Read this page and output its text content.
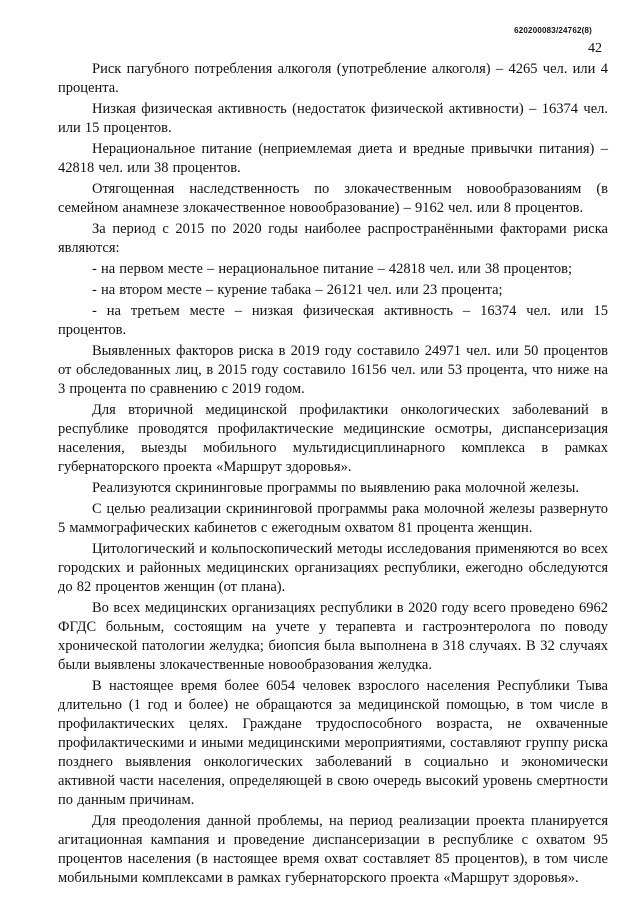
620200083/24762(8)
42

Риск пагубного потребления алкоголя (употребление алкоголя) – 4265 чел. или 4 процента.

Низкая физическая активность (недостаток физической активности) – 16374 чел. или 15 процентов.

Нерациональное питание (неприемлемая диета и вредные привычки питания) – 42818 чел. или 38 процентов.

Отягощенная наследственность по злокачественным новообразованиям (в семейном анамнезе злокачественное новообразование) – 9162 чел. или 8 процентов.

За период с 2015 по 2020 годы наиболее распространёнными факторами риска являются:

- на первом месте – нерациональное питание – 42818 чел. или 38 процентов;

- на втором месте – курение табака – 26121 чел. или 23 процента;

- на третьем месте – низкая физическая активность – 16374 чел. или 15 процентов.

Выявленных факторов риска в 2019 году составило 24971 чел. или 50 процентов от обследованных лиц, в 2015 году составило 16156 чел. или 53 процента, что ниже на 3 процента по сравнению с 2019 годом.

Для вторичной медицинской профилактики онкологических заболеваний в республике проводятся профилактические медицинские осмотры, диспансеризация населения, выезды мобильного мультидисциплинарного комплекса в рамках губернаторского проекта «Маршрут здоровья».

Реализуются скрининговые программы по выявлению рака молочной железы.

С целью реализации скрининговой программы рака молочной железы развернуто 5 маммографических кабинетов с ежегодным охватом 81 процента женщин.

Цитологический и кольпоскопический методы исследования применяются во всех городских и районных медицинских организациях республики, ежегодно обследуются до 82 процентов женщин (от плана).

Во всех медицинских организациях республики в 2020 году всего проведено 6962 ФГДС больным, состоящим на учете у терапевта и гастроэнтеролога по поводу хронической патологии желудка; биопсия была выполнена в 318 случаях. В 32 случаях были выявлены злокачественные новообразования желудка.

В настоящее время более 6054 человек взрослого населения Республики Тыва длительно (1 год и более) не обращаются за медицинской помощью, в том числе в профилактических целях. Граждане трудоспособного возраста, не охваченные профилактическими и иными медицинскими мероприятиями, составляют группу риска позднего выявления онкологических заболеваний в социально и экономически активной части населения, определяющей в свою очередь высокий уровень смертности по данным причинам.

Для преодоления данной проблемы, на период реализации проекта планируется агитационная кампания и проведение диспансеризации в республике с охватом 95 процентов населения (в настоящее время охват составляет 85 процентов), в том числе мобильными комплексами в рамках губернаторского проекта «Маршрут здоровья».
